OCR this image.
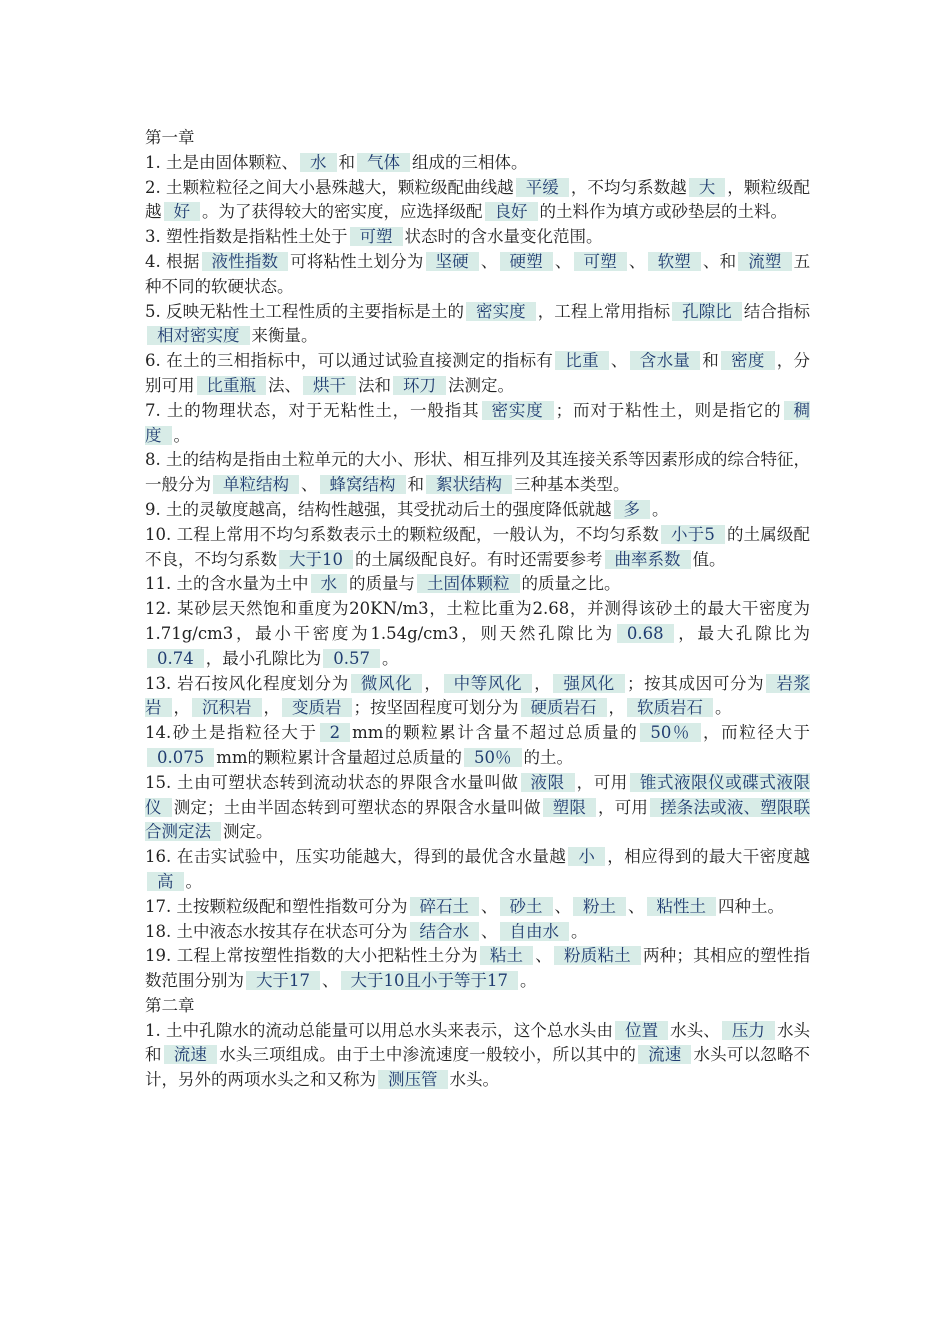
第一章

1. 土是由固体颗粒、 水 和 气体 组成的三相体。

2. 土颗粒粒径之间大小悬殊越大，颗粒级配曲线越 平缓 ，不均匀系数越 大 ，颗粒级配越 好 。为了获得较大的密实度，应选择级配 良好 的土料作为填方或砂垫层的土料。

3. 塑性指数是指粘性土处于 可塑 状态时的含水量变化范围。

4. 根据 液性指数 可将粘性土划分为 坚硬 、 硬塑 、 可塑 、 软塑 、和 流塑 五种不同的软硬状态。

5. 反映无粘性土工程性质的主要指标是土的 密实度 ，工程上常用指标 孔隙比 结合指标相对密实度 来衡量。

6. 在土的三相指标中，可以通过试验直接测定的指标有 比重 、 含水量 和 密度 ，分别可用 比重瓶 法、 烘干 法和 环刀 法测定。

7. 土的物理状态，对于无粘性土，一般指其 密实度 ；而对于粘性土，则是指它的 稠度 。

8. 土的结构是指由土粒单元的大小、形状、相互排列及其连接关系等因素形成的综合特征，一般分为 单粒结构 、 蜂窝结构 和 絮状结构 三种基本类型。

9. 土的灵敏度越高，结构性越强，其受扰动后土的强度降低就越 多 。

10. 工程上常用不均匀系数表示土的颗粒级配，一般认为，不均匀系数 小于5 的土属级配不良，不均匀系数 大于10 的土属级配良好。有时还需要参考 曲率系数 值。

11. 土的含水量为土中 水 的质量与 土固体颗粒 的质量之比。

12. 某砂层天然饱和重度为20KN/m3，土粒比重为2.68，并测得该砂土的最大干密度为1.71g/cm3，最小干密度为1.54g/cm3，则天然孔隙比为 0.68 ，最大孔隙比为0.74 ，最小孔隙比为 0.57 。

13. 岩石按风化程度划分为 微风化 ， 中等风化 ， 强风化 ；按其成因可分为 岩浆岩 ， 沉积岩 ， 变质岩 ；按坚固程度可划分为 硬质岩石 ， 软质岩石 。

14.砂土是指粒径大于 2 mm的颗粒累计含量不超过总质量的 50％ ，而粒径大于0.075 mm的颗粒累计含量超过总质量的 50％ 的土。

15. 土由可塑状态转到流动状态的界限含水量叫做 液限 ，可用 锥式液限仪或碟式液限仪 测定；土由半固态转到可塑状态的界限含水量叫做 塑限 ，可用 搓条法或液、塑限联合测定法 测定。

16. 在击实试验中，压实功能越大，得到的最优含水量越 小 ，相应得到的最大干密度越高 。

17. 土按颗粒级配和塑性指数可分为 碎石土 、 砂土 、 粉土 、 粘性土 四种土。

18. 土中液态水按其存在状态可分为 结合水 、 自由水 。

19. 工程上常按塑性指数的大小把粘性土分为 粘土 、 粉质粘土 两种；其相应的塑性指数范围分别为 大于17 、 大于10且小于等于17 。

第二章

1. 土中孔隙水的流动总能量可以用总水头来表示，这个总水头由 位置 水头、 压力 水头和 流速 水头三项组成。由于土中渗流速度一般较小，所以其中的 流速 水头可以忽略不计，另外的两项水头之和又称为 测压管 水头。
